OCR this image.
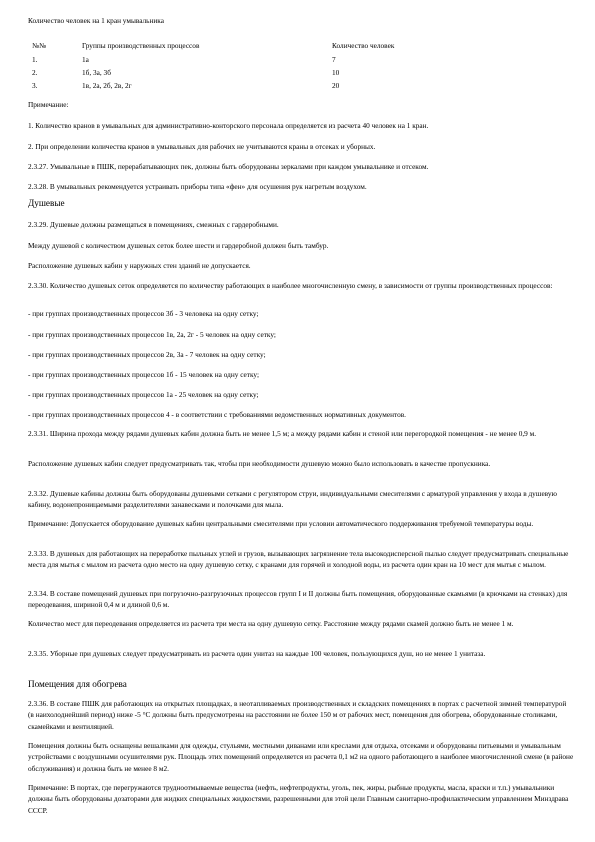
Количество человек на 1 кран умывальника

№№	Группы производственных процессов	Количество человек
1.	1а	7
2.	1б, 3а, 3б	10
3.	1в, 2а, 2б, 2в, 2г	20

Примечание:

1. Количество кранов в умывальных для административно-конторского персонала определяется из расчета 40 человек на 1 кран.

2. При определении количества кранов в умывальных для рабочих не учитываются краны в отсеках и уборных.

2.3.27. Умывальные в ПШК, перерабатывающих пек, должны быть оборудованы зеркалами при каждом умывальнике и отсеком.

2.3.28. В умывальных рекомендуется устраивать приборы типа «фен» для осушения рук нагретым воздухом.

Душевые

2.3.29. Душевые должны размещаться в помещениях, смежных с гардеробными.

Между душевой с количеством душевых сеток более шести и гардеробной должен быть тамбур.

Расположение душевых кабин у наружных стен зданий не допускается.

2.3.30. Количество душевых сеток определяется по количеству работающих в наиболее многочисленную смену, в зависимости от группы производственных процессов:

- при группах производственных процессов 3б - 3 человека на одну сетку;

- при группах производственных процессов 1в, 2а, 2г - 5 человек на одну сетку;

- при группах производственных процессов 2в, 3а - 7 человек на одну сетку;

- при группах производственных процессов 1б - 15 человек на одну сетку;

- при группах производственных процессов 1а - 25 человек на одну сетку;

- при группах производственных процессов 4 - в соответствии с требованиями ведомственных нормативных документов.

2.3.31. Ширина прохода между рядами душевых кабин должна быть не менее 1,5 м; а между рядами кабин и стеной или перегородкой помещения - не менее 0,9 м.

Расположение душевых кабин следует предусматривать так, чтобы при необходимости душевую можно было использовать в качестве пропускника.

2.3.32. Душевые кабины должны быть оборудованы душевыми сетками с регулятором струи, индивидуальными смесителями с арматурой управления у входа в душевую кабину, водонепроницаемыми разделителями занавесками и полочками для мыла.

Примечание: Допускается оборудование душевых кабин центральными смесителями при условии автоматического поддерживания требуемой температуры воды.

2.3.33. В душевых для работающих на переработке пыльных углей и грузов, вызывающих загрязнение тела высокодисперсной пылью следует предусматривать специальные места для мытья с мылом из расчета одно место на одну душевую сетку, с кранами для горячей и холодной воды, из расчета один кран на 10 мест для мытья с мылом.

2.3.34. В составе помещений душевых при погрузочно-разгрузочных процессов групп I и II должны быть помещения, оборудованные скамьями (в крючками на стенках) для переодевания, шириной 0,4 м и длиной 0,6 м.

Количество мест для переодевания определяется из расчета три места на одну душевую сетку. Расстояние между рядами скамей должно быть не менее 1 м.

2.3.35. Уборные при душевых следует предусматривать из расчета один унитаз на каждые 100 человек, пользующихся душ, но не менее 1 унитаза.

Помещения для обогрева

2.3.36. В составе ПШК для работающих на открытых площадках, в неотапливаемых производственных и складских помещениях в портах с расчетной зимней температурой (в наихолоднейший период) ниже -5 °С должны быть предусмотрены на расстоянии не более 150 м от рабочих мест, помещения для обогрева, оборудованные столиками, скамейками и вентиляцией.

Помещения должны быть оснащены вешалками для одежды, стульями, местными диванами или креслами для отдыха, отсеками и оборудованы питьевыми и умывальным устройствами с воздушными осушителями рук. Площадь этих помещений определяется из расчета 0,1 м2 на одного работающего в наиболее многочисленной смене (в районе обслуживания) и должна быть не менее 8 м2.

Примечание: В портах, где перегружаются трудноотмываемые вещества (нефть, нефтепродукты, уголь, пек, жиры, рыбные продукты, масла, краски и т.п.) умывальники должны быть оборудованы дозаторами для жидких специальных жидкостями, разрешенными для этой цели Главным санитарно-профилактическим управлением Минздрава СССР.
